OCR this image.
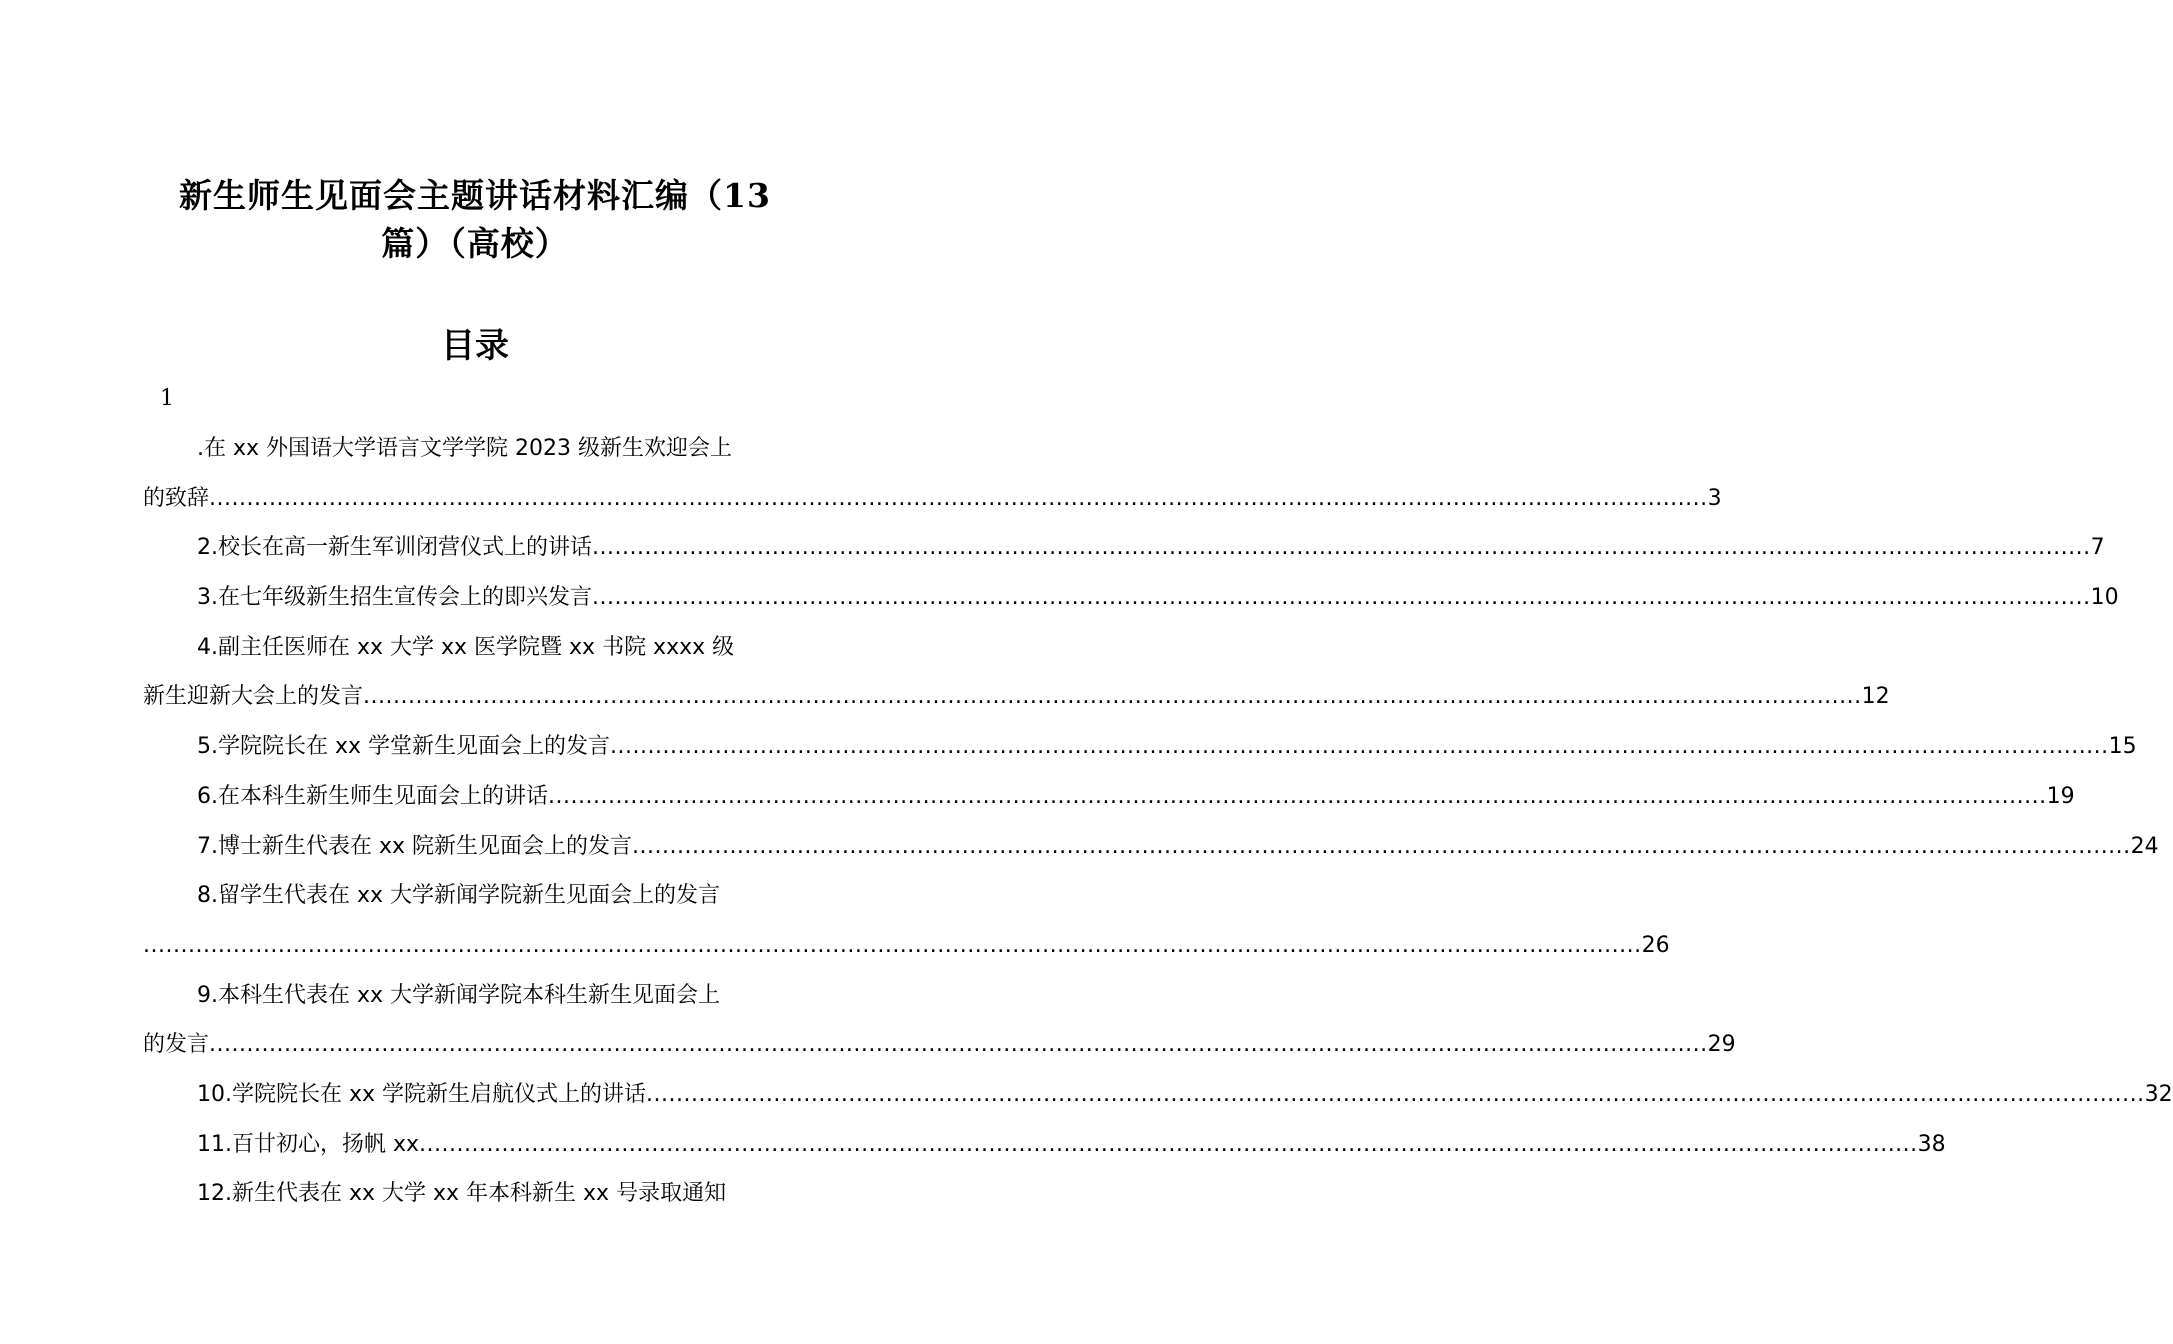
新生师生见面会主题讲话材料汇编（13
篇）（高校）
目录
1
.在 xx 外国语大学语言文学学院 2023 级新生欢迎会上
的致辞 ........................................................................................................................................................................................................ 3
2.校长在高一新生军训闭营仪式上的讲话 ........................................................................................................................................................................................................ 7
3.在七年级新生招生宣传会上的即兴发言 ........................................................................................................................................................................................................ 10
4.副主任医师在 xx 大学 xx 医学院暨 xx 书院 xxxx 级
新生迎新大会上的发言 ........................................................................................................................................................................................................ 12
5.学院院长在 xx 学堂新生见面会上的发言 ........................................................................................................................................................................................................ 15
6.在本科生新生师生见面会上的讲话 ........................................................................................................................................................................................................ 19
7.博士新生代表在 xx 院新生见面会上的发言 ........................................................................................................................................................................................................ 24
8.留学生代表在 xx 大学新闻学院新生见面会上的发言
........................................................................................................................................................................................................ 26
9.本科生代表在 xx 大学新闻学院本科生新生见面会上
的发言 ........................................................................................................................................................................................................ 29
10.学院院长在 xx 学院新生启航仪式上的讲话 ........................................................................................................................................................................................................ 32
11.百廿初心，扬帆 xx ........................................................................................................................................................................................................ 38
12.新生代表在 xx 大学 xx 年本科新生 xx 号录取通知
